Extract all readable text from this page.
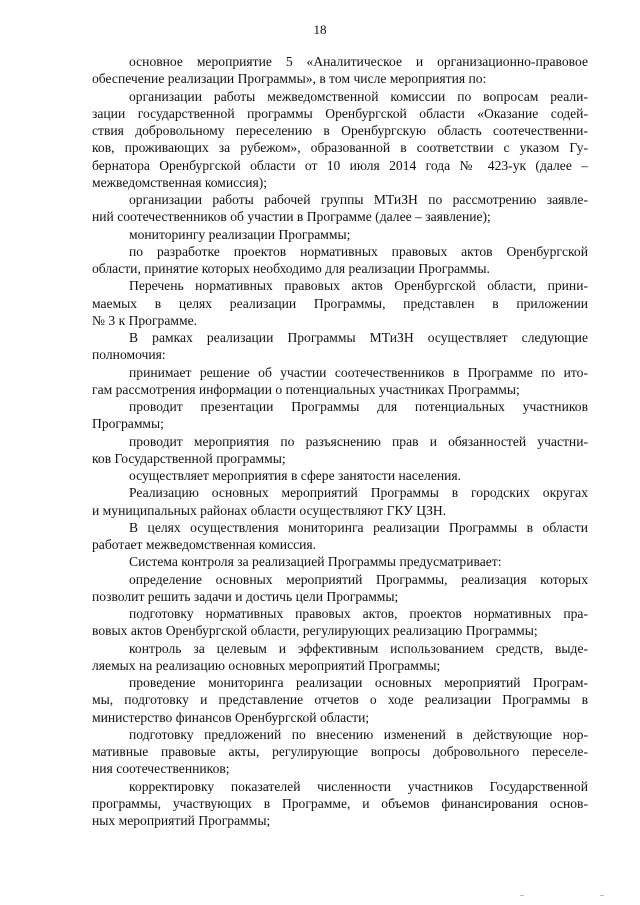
18
основное мероприятие 5 «Аналитическое и организационно-правовое
обеспечение реализации Программы», в том числе мероприятия по:
организации работы межведомственной комиссии по вопросам реали-
зации государственной программы Оренбургской области «Оказание содей-
ствия добровольному переселению в Оренбургскую область соотечественни-
ков, проживающих за рубежом», образованной в соответствии с указом Гу-
бернатора Оренбургской области от 10 июля 2014 года № 423-ук (далее –
межведомственная комиссия);
организации работы рабочей группы МТиЗН по рассмотрению заявле-
ний соотечественников об участии в Программе (далее – заявление);
мониторингу реализации Программы;
по разработке проектов нормативных правовых актов Оренбургской
области, принятие которых необходимо для реализации Программы.
Перечень нормативных правовых актов Оренбургской области, прини-
маемых в целях реализации Программы, представлен в приложении
№ 3 к Программе.
В рамках реализации Программы МТиЗН осуществляет следующие
полномочия:
принимает решение об участии соотечественников в Программе по ито-
гам рассмотрения информации о потенциальных участниках Программы;
проводит презентации Программы для потенциальных участников
Программы;
проводит мероприятия по разъяснению прав и обязанностей участни-
ков Государственной программы;
осуществляет мероприятия в сфере занятости населения.
Реализацию основных мероприятий Программы в городских округах
и муниципальных районах области осуществляют ГКУ ЦЗН.
В целях осуществления мониторинга реализации Программы в области
работает межведомственная комиссия.
Система контроля за реализацией Программы предусматривает:
определение основных мероприятий Программы, реализация которых
позволит решить задачи и достичь цели Программы;
подготовку нормативных правовых актов, проектов нормативных пра-
вовых актов Оренбургской области, регулирующих реализацию Программы;
контроль за целевым и эффективным использованием средств, выде-
ляемых на реализацию основных мероприятий Программы;
проведение мониторинга реализации основных мероприятий Програм-
мы, подготовку и представление отчетов о ходе реализации Программы в
министерство финансов Оренбургской области;
подготовку предложений по внесению изменений в действующие нор-
мативные правовые акты, регулирующие вопросы добровольного переселе-
ния соотечественников;
корректировку показателей численности участников Государственной
программы, участвующих в Программе, и объемов финансирования основ-
ных мероприятий Программы;
